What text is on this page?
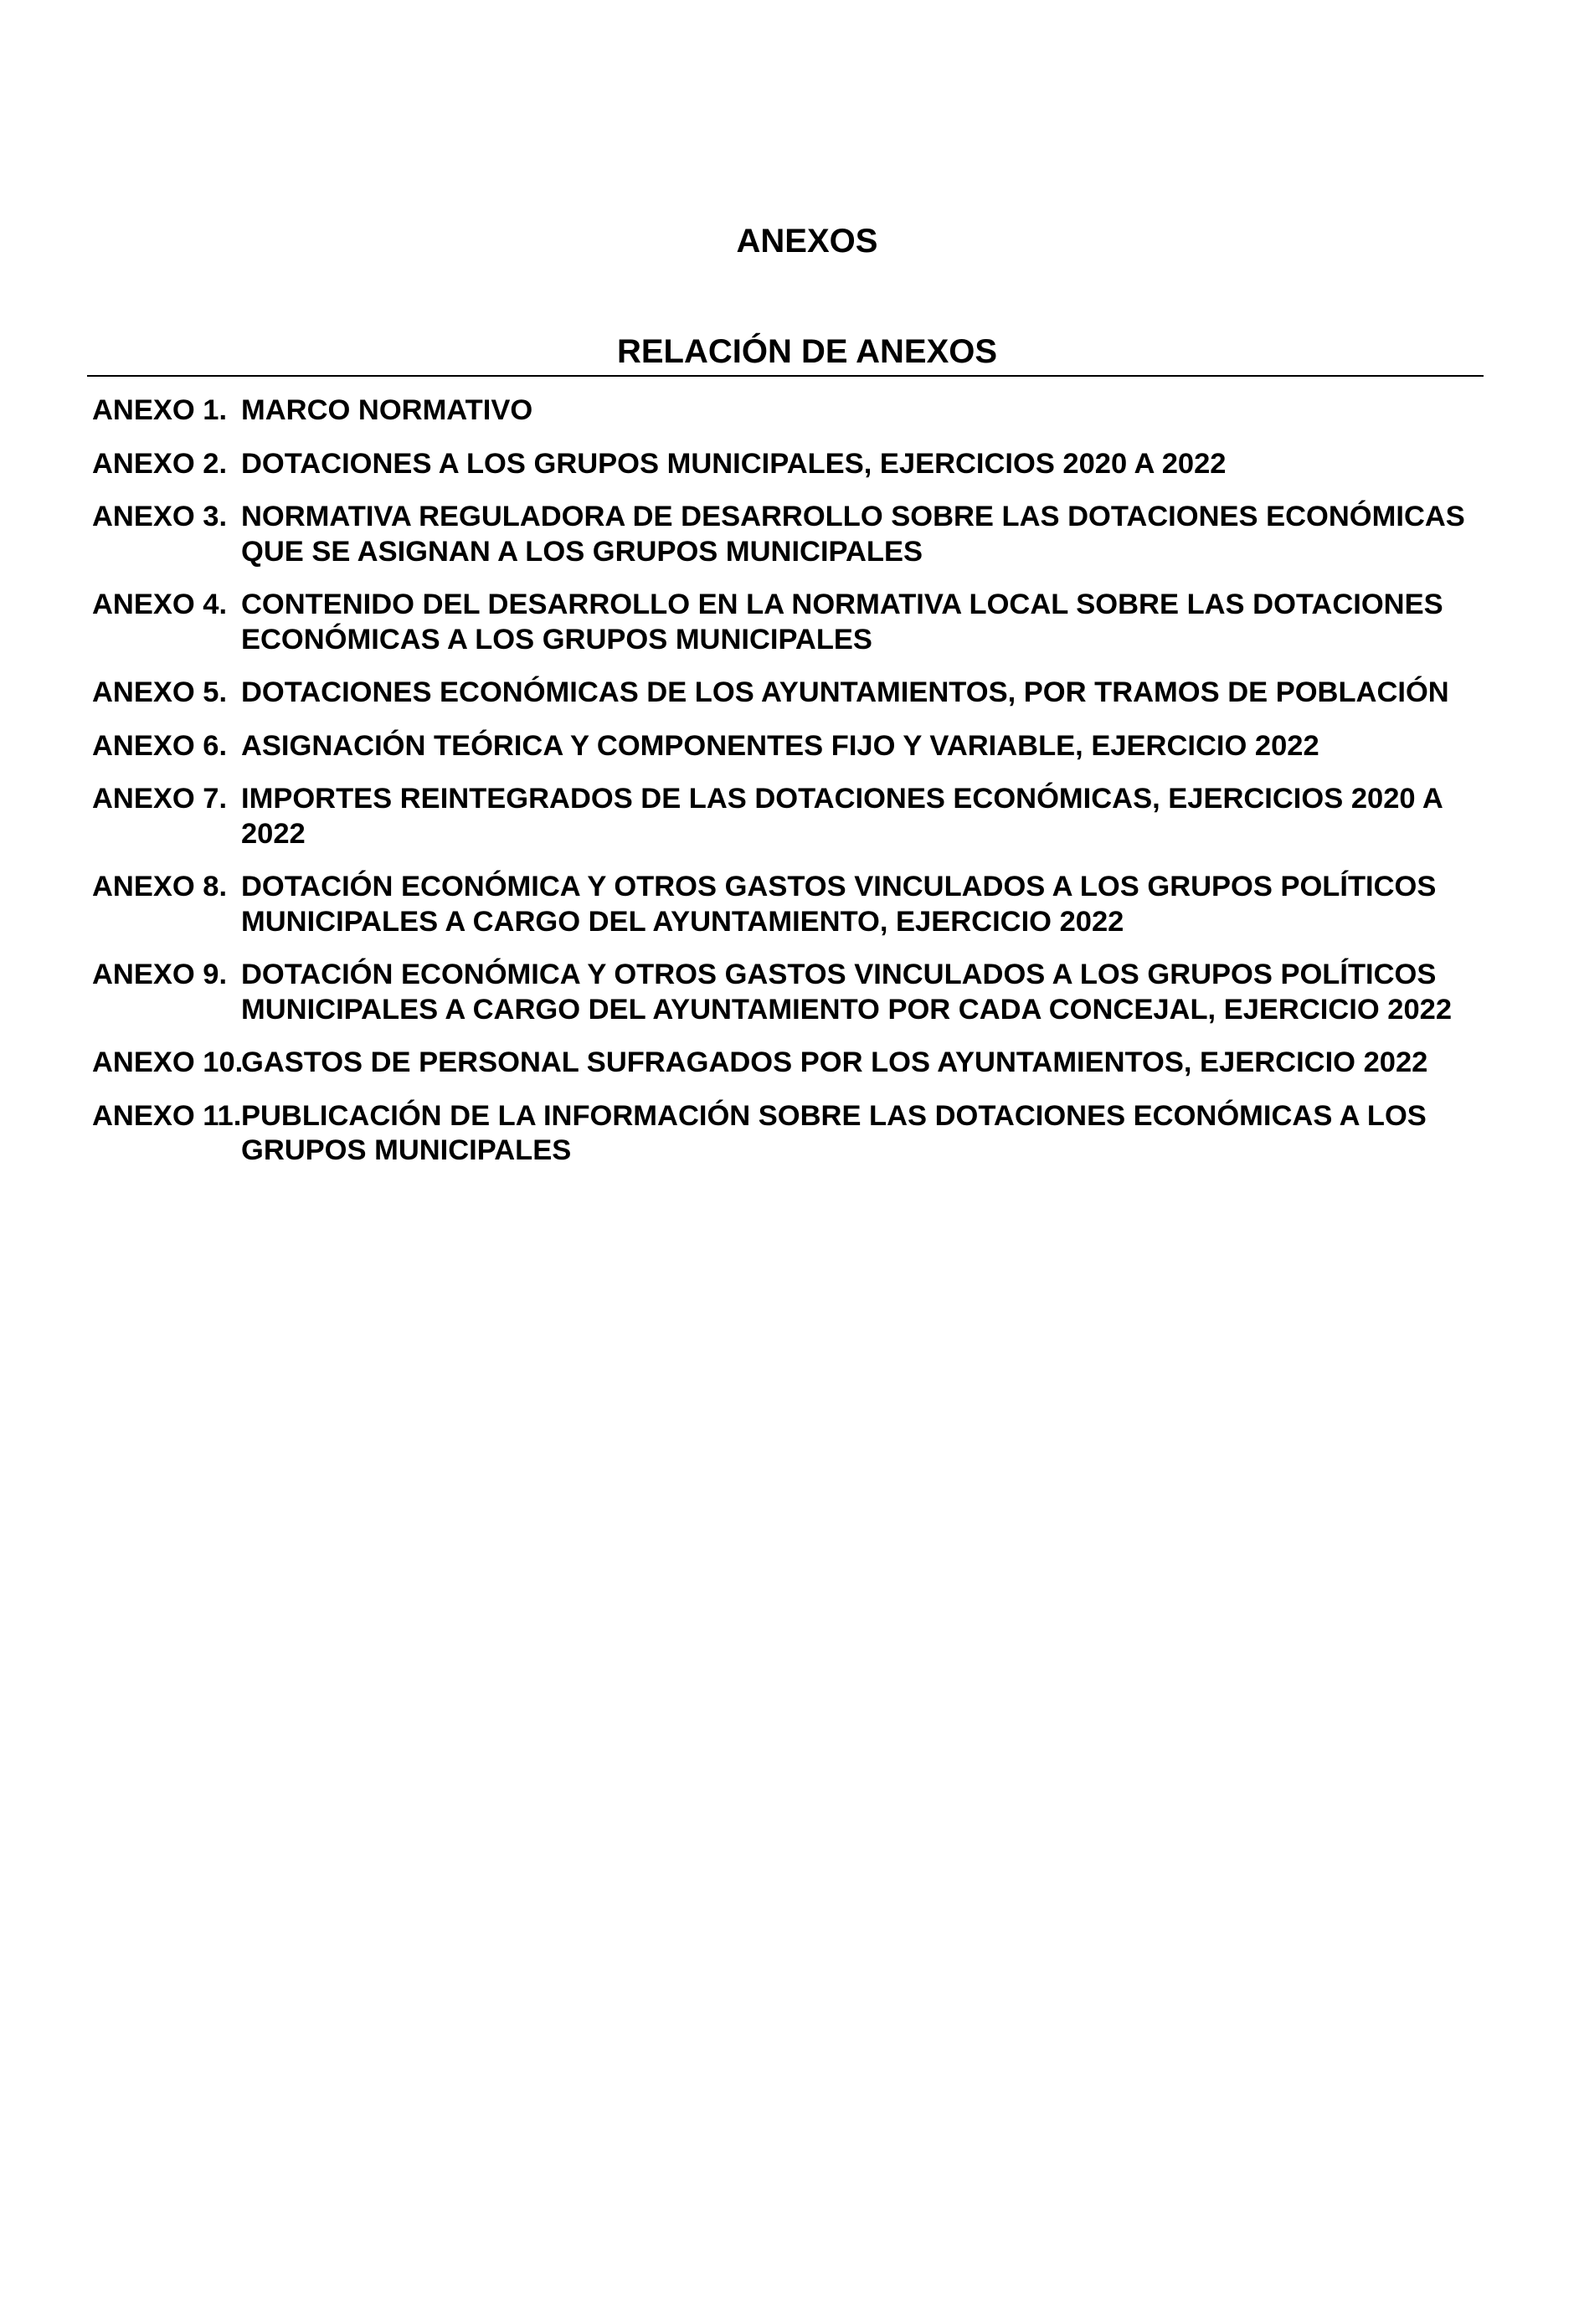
ANEXOS
RELACIÓN DE ANEXOS
ANEXO 1. MARCO NORMATIVO
ANEXO 2. DOTACIONES A LOS GRUPOS MUNICIPALES, EJERCICIOS 2020 A 2022
ANEXO 3. NORMATIVA REGULADORA DE DESARROLLO SOBRE LAS DOTACIONES ECONÓMICAS QUE SE ASIGNAN A LOS GRUPOS MUNICIPALES
ANEXO 4. CONTENIDO DEL DESARROLLO EN LA NORMATIVA LOCAL SOBRE LAS DOTACIONES ECONÓMICAS A LOS GRUPOS MUNICIPALES
ANEXO 5. DOTACIONES ECONÓMICAS DE LOS AYUNTAMIENTOS, POR TRAMOS DE POBLACIÓN
ANEXO 6. ASIGNACIÓN TEÓRICA Y COMPONENTES FIJO Y VARIABLE, EJERCICIO 2022
ANEXO 7. IMPORTES REINTEGRADOS DE LAS DOTACIONES ECONÓMICAS, EJERCICIOS 2020 A 2022
ANEXO 8. DOTACIÓN ECONÓMICA Y OTROS GASTOS VINCULADOS A LOS GRUPOS POLÍTICOS MUNICIPALES A CARGO DEL AYUNTAMIENTO, EJERCICIO 2022
ANEXO 9. DOTACIÓN ECONÓMICA Y OTROS GASTOS VINCULADOS A LOS GRUPOS POLÍTICOS MUNICIPALES A CARGO DEL AYUNTAMIENTO POR CADA CONCEJAL, EJERCICIO 2022
ANEXO 10.
GASTOS DE PERSONAL SUFRAGADOS POR LOS AYUNTAMIENTOS, EJERCICIO 2022
ANEXO 11. PUBLICACIÓN DE LA INFORMACIÓN SOBRE LAS DOTACIONES ECONÓMICAS A LOS GRUPOS MUNICIPALES
